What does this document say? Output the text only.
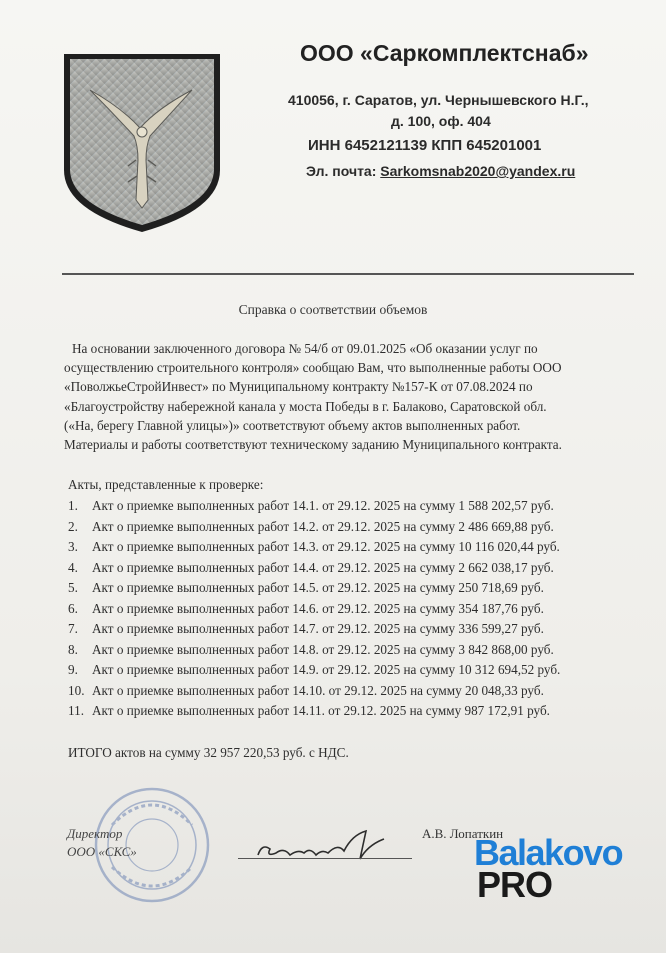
ООО «Саркомплектснаб»
410056, г. Саратов, ул. Чернышевского Н.Г.,
д. 100, оф. 404
ИНН 6452121139 КПП 645201001
Эл. почта: Sarkomsnab2020@yandex.ru
Справка о соответствии объемов
На основании заключенного договора № 54/б от 09.01.2025 «Об оказании услуг по
осуществлению строительного контроля» сообщаю Вам, что выполненные работы ООО
«ПоволжьеСтройИнвест» по Муниципальному контракту №157-К от 07.08.2024 по
«Благоустройству набережной канала у моста Победы в г. Балаково, Саратовской обл.
(«На, берегу Главной улицы»)» соответствуют объему актов выполненных работ.
Материалы и работы соответствуют техническому заданию Муниципального контракта.
Акты, представленные к проверке:
1. Акт о приемке выполненных работ 14.1. от 29.12. 2025 на сумму 1 588 202,57 руб.
2. Акт о приемке выполненных работ 14.2. от 29.12. 2025 на сумму 2 486 669,88 руб.
3. Акт о приемке выполненных работ 14.3. от 29.12. 2025 на сумму 10 116 020,44 руб.
4. Акт о приемке выполненных работ 14.4. от 29.12. 2025 на сумму 2 662 038,17 руб.
5. Акт о приемке выполненных работ 14.5. от 29.12. 2025 на сумму 250 718,69 руб.
6. Акт о приемке выполненных работ 14.6. от 29.12. 2025 на сумму 354 187,76 руб.
7. Акт о приемке выполненных работ 14.7. от 29.12. 2025 на сумму 336 599,27 руб.
8. Акт о приемке выполненных работ 14.8. от 29.12. 2025 на сумму 3 842 868,00 руб.
9. Акт о приемке выполненных работ 14.9. от 29.12. 2025 на сумму 10 312 694,52 руб.
10. Акт о приемке выполненных работ 14.10. от 29.12. 2025 на сумму 20 048,33 руб.
11. Акт о приемке выполненных работ 14.11. от 29.12. 2025 на сумму 987 172,91 руб.
ИТОГО актов на сумму 32 957 220,53 руб. с НДС.
Директор
ООО «СКС»
А.В. Лопаткин
Balakovo
PRO
